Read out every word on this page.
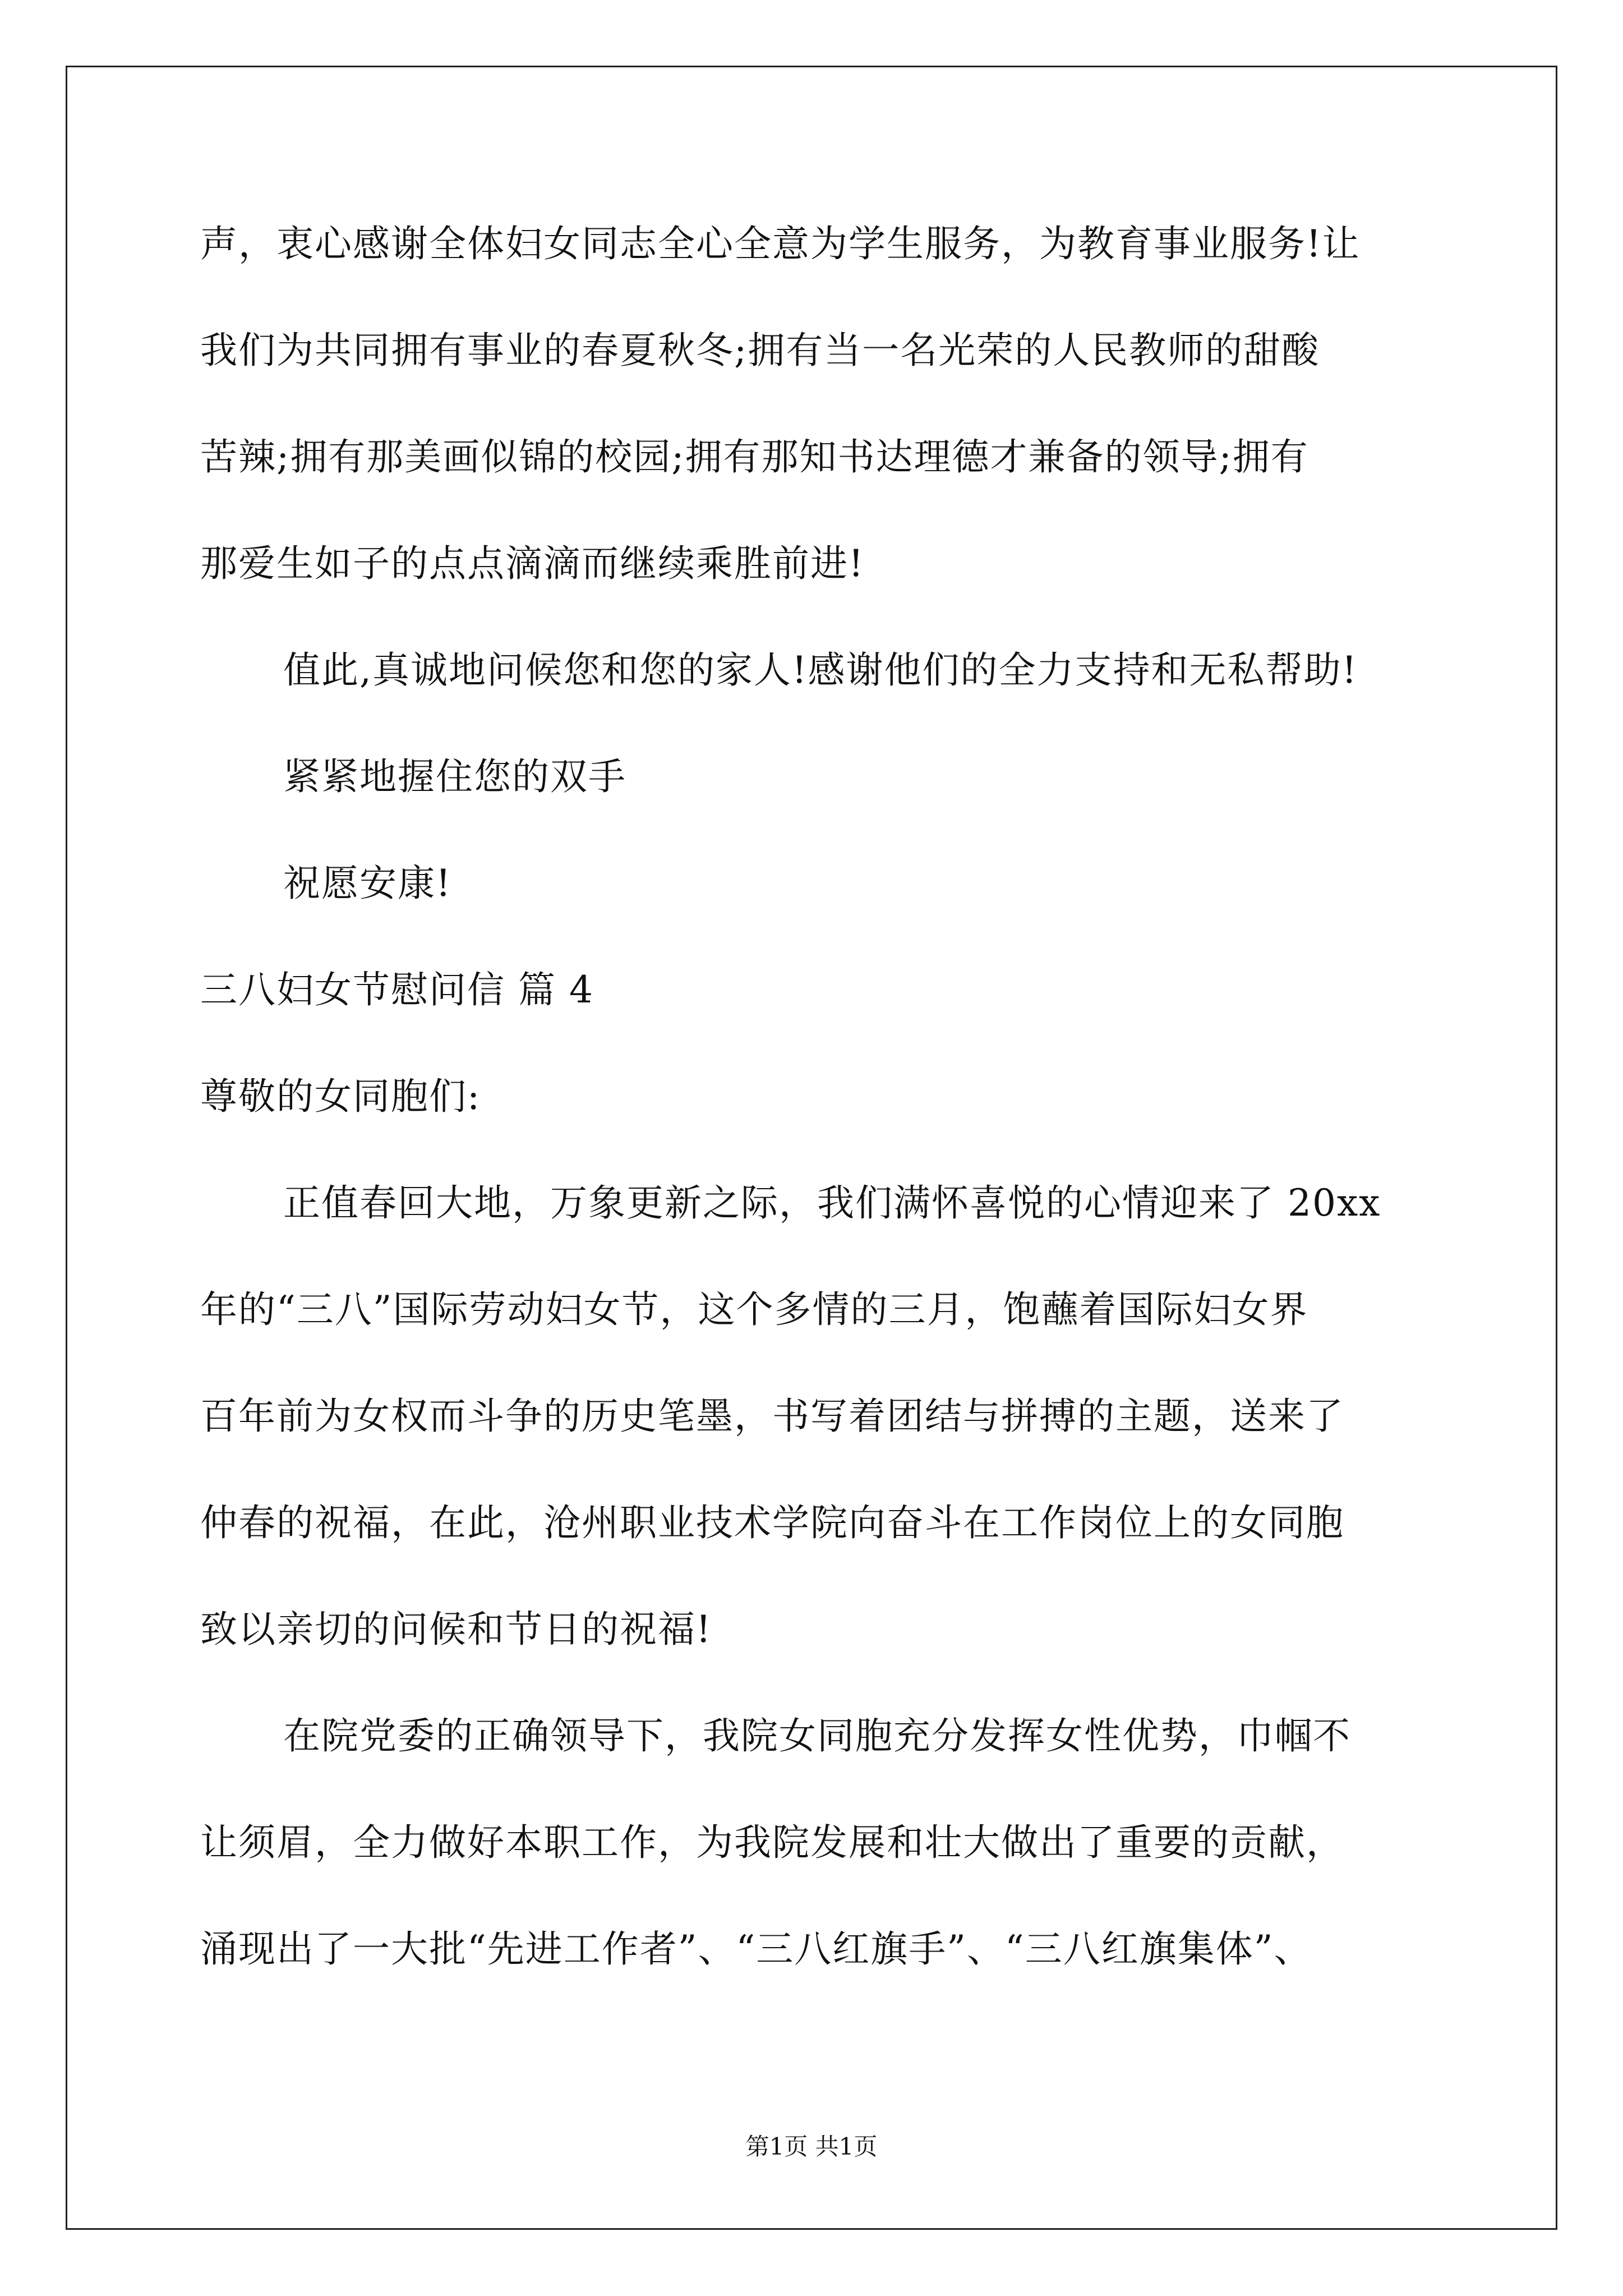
声，衷心感谢全体妇女同志全心全意为学生服务，为教育事业服务!让
我们为共同拥有事业的春夏秋冬;拥有当一名光荣的人民教师的甜酸
苦辣;拥有那美画似锦的校园;拥有那知书达理德才兼备的领导;拥有
那爱生如子的点点滴滴而继续乘胜前进!
值此,真诚地问候您和您的家人!感谢他们的全力支持和无私帮助!
紧紧地握住您的双手
祝愿安康!
三八妇女节慰问信 篇 4
尊敬的女同胞们:
正值春回大地，万象更新之际，我们满怀喜悦的心情迎来了 20xx
年的“三八”国际劳动妇女节，这个多情的三月，饱蘸着国际妇女界
百年前为女权而斗争的历史笔墨，书写着团结与拼搏的主题，送来了
仲春的祝福，在此，沧州职业技术学院向奋斗在工作岗位上的女同胞
致以亲切的问候和节日的祝福!
在院党委的正确领导下，我院女同胞充分发挥女性优势，巾帼不
让须眉，全力做好本职工作，为我院发展和壮大做出了重要的贡献，
涌现出了一大批“先进工作者”、“三八红旗手”、“三八红旗集体”、
第1页 共1页
